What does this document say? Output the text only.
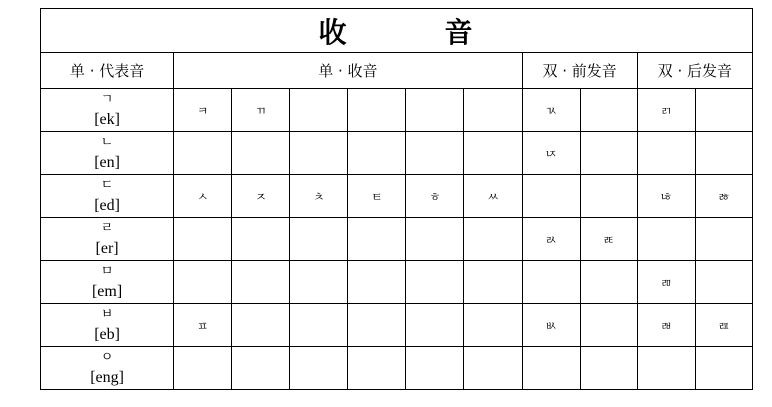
收 音										
单 · 代表音	单 · 收音						双 · 前发音		双 · 后发音	

ㄱ
[ek]	ㅋ	ㄲ					ㄳ		ㄺ	

ㄴ
[en]							ㄵ			

ㄷ
[ed]	ㅅ	ㅈ	ㅊ	ㅌ	ㅎ	ㅆ			ㄶ	ㅀ

ㄹ
[er]							ㄽ	ㄾ		

ㅁ
[em]									ㄻ	

ㅂ
[eb]	ㅍ						ㅄ		ㄼ	ㄿ

ㅇ
[eng]										
